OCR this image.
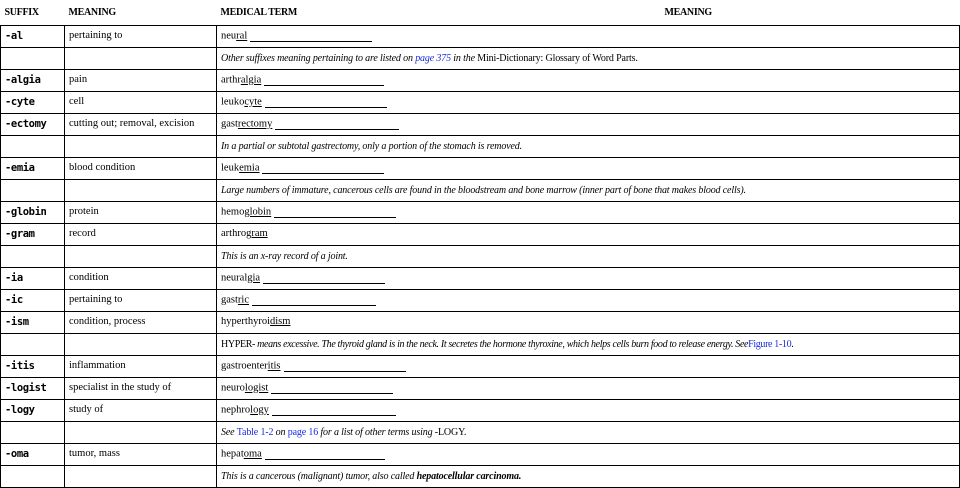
SUFFIX	MEANING	MEDICAL TERM MEANING

-al	pertaining to	neural
		Other suffixes meaning pertaining to are listed on page 375 in the Mini-Dictionary: Glossary of Word Parts.
-algia	pain	arthralgia
-cyte	cell	leukocyte
-ectomy	cutting out; removal, excision	gastrectomy
		In a partial or subtotal gastrectomy, only a portion of the stomach is removed.
-emia	blood condition	leukemia
		Large numbers of immature, cancerous cells are found in the bloodstream and bone marrow (inner part of bone that makes blood cells).
-globin	protein	hemoglobin
-gram	record	arthrogram
		This is an x-ray record of a joint.
-ia	condition	neuralgia
-ic	pertaining to	gastric
-ism	condition, process	hyperthyroidism
		HYPER- means excessive. The thyroid gland is in the neck. It secretes the hormone thyroxine, which helps cells burn food to release energy. SeeFigure 1-10.
-itis	inflammation	gastroenteritis
-logist	specialist in the study of	neurologist
-logy	study of	nephrology
		See Table 1-2 on page 16 for a list of other terms using -LOGY.
-oma	tumor, mass	hepatoma
		This is a cancerous (malignant) tumor, also called hepatocellular carcinoma.
